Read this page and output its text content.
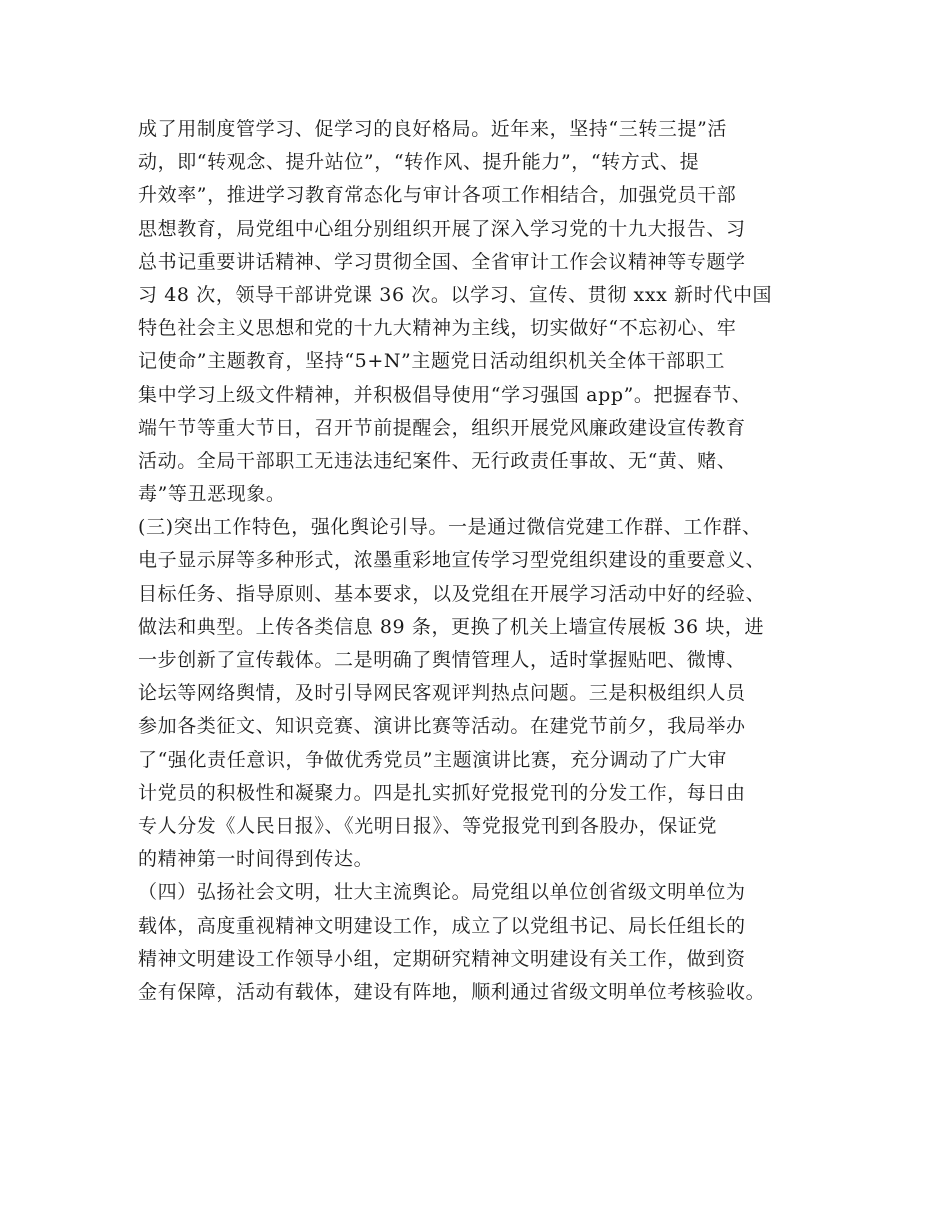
成了用制度管学习、促学习的良好格局。近年来，坚持“三转三提”活
动，即“转观念、提升站位”，“转作风、提升能力”，“转方式、提
升效率”，推进学习教育常态化与审计各项工作相结合，加强党员干部
思想教育，局党组中心组分别组织开展了深入学习党的十九大报告、习
总书记重要讲话精神、学习贯彻全国、全省审计工作会议精神等专题学
习 48 次，领导干部讲党课 36 次。以学习、宣传、贯彻 xxx 新时代中国
特色社会主义思想和党的十九大精神为主线，切实做好“不忘初心、牢
记使命”主题教育，坚持“5+N”主题党日活动组织机关全体干部职工
集中学习上级文件精神，并积极倡导使用“学习强国 app”。把握春节、
端午节等重大节日，召开节前提醒会，组织开展党风廉政建设宣传教育
活动。全局干部职工无违法违纪案件、无行政责任事故、无“黄、赌、
毒”等丑恶现象。
(三)突出工作特色，强化舆论引导。一是通过微信党建工作群、工作群、
电子显示屏等多种形式，浓墨重彩地宣传学习型党组织建设的重要意义、
目标任务、指导原则、基本要求，以及党组在开展学习活动中好的经验、
做法和典型。上传各类信息 89 条，更换了机关上墙宣传展板 36 块，进
一步创新了宣传载体。二是明确了舆情管理人，适时掌握贴吧、微博、
论坛等网络舆情，及时引导网民客观评判热点问题。三是积极组织人员
参加各类征文、知识竞赛、演讲比赛等活动。在建党节前夕，我局举办
了“强化责任意识，争做优秀党员”主题演讲比赛，充分调动了广大审
计党员的积极性和凝聚力。四是扎实抓好党报党刊的分发工作，每日由
专人分发《人民日报》、《光明日报》、等党报党刊到各股办，保证党
的精神第一时间得到传达。
（四）弘扬社会文明，壮大主流舆论。局党组以单位创省级文明单位为
载体，高度重视精神文明建设工作，成立了以党组书记、局长任组长的
精神文明建设工作领导小组，定期研究精神文明建设有关工作，做到资
金有保障，活动有载体，建设有阵地，顺利通过省级文明单位考核验收。
